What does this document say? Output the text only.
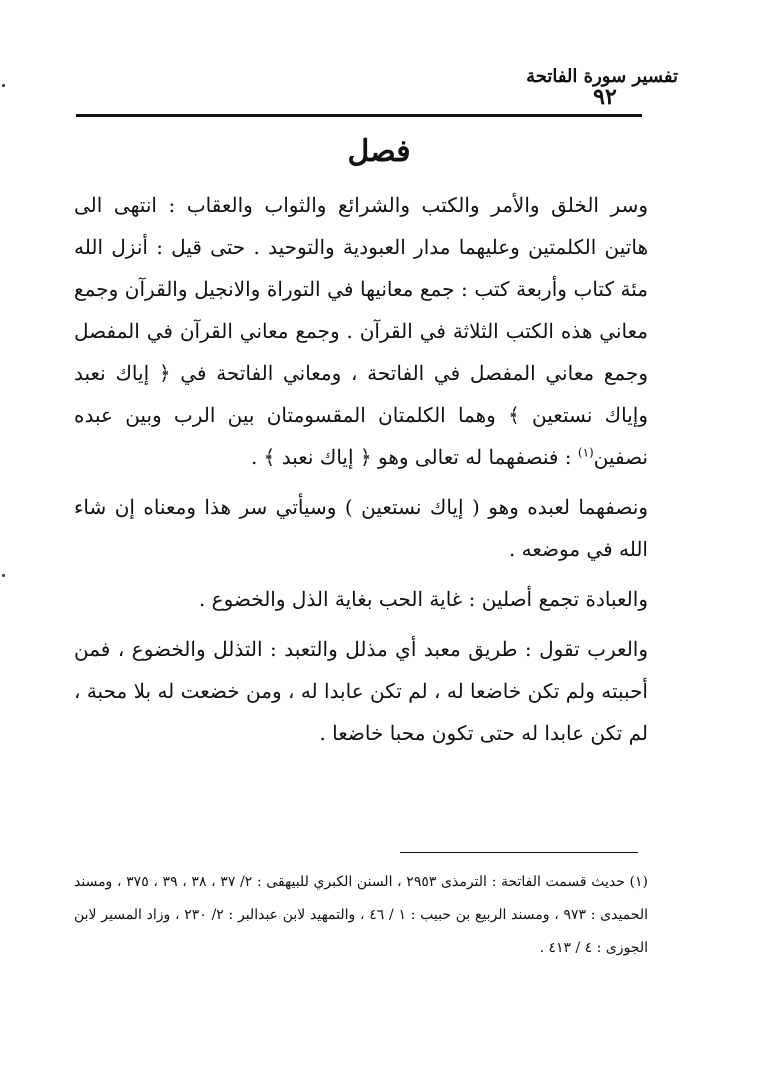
تفسير سورة الفاتحة
٩٢
فصل

وسر الخلق والأمر والكتب والشرائع والثواب والعقاب : انتهى الى هاتين الكلمتين وعليهما مدار العبودية والتوحيد . حتى قيل : أنزل الله مئة كتاب وأربعة كتب : جمع معانيها في التوراة والانجيل والقرآن وجمع معاني هذه الكتب الثلاثة في القرآن . وجمع معاني القرآن في المفصل وجمع معاني المفصل في الفاتحة ، ومعاني الفاتحة في ﴿ إياك نعبد وإياك نستعين ﴾ وهما الكلمتان المقسومتان بين الرب وبين عبده نصفين$^{(١)}$ : فنصفهما له تعالى وهو ﴿ إياك نعبد ﴾ .

ونصفهما لعبده وهو ( إياك نستعين ) وسيأتي سر هذا ومعناه إن شاء الله في موضعه .

والعبادة تجمع أصلين : غاية الحب بغاية الذل والخضوع .

والعرب تقول : طريق معبد أي مذلل والتعبد : التذلل والخضوع ، فمن أحببته ولم تكن خاضعا له ، لم تكن عابدا له ، ومن خضعت له بلا محبة ، لم تكن عابدا له حتى تكون محبا خاضعا .

(١) حديث قسمت الفاتحة : الترمذى ٢٩٥٣ ، السنن الكبري للبيهقى : ٢/ ٣٧ ، ٣٨ ، ٣٩ ، ٣٧٥ ، ومسند الحميدى : ٩٧٣ ، ومسند الربيع بن حبيب : ١ / ٤٦ ، والتمهيد لابن عبدالبر : ٢/ ٢٣٠ ، وزاد المسير لابن الجوزى : ٤ / ٤١٣ .
